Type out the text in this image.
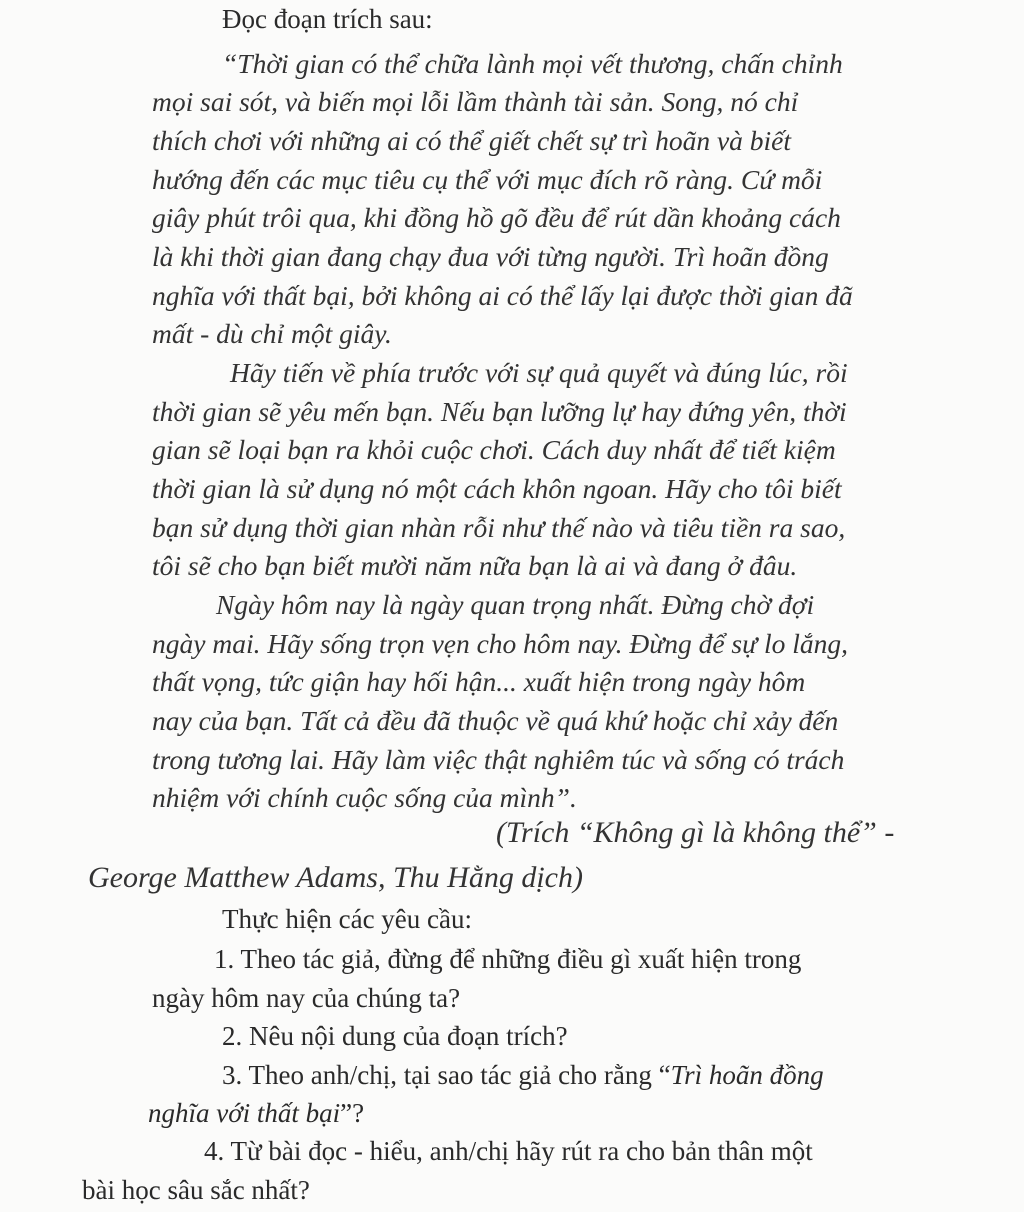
Đọc đoạn trích sau:
“Thời gian có thể chữa lành mọi vết thương, chấn chỉnh
mọi sai sót, và biến mọi lỗi lầm thành tài sản. Song, nó chỉ
thích chơi với những ai có thể giết chết sự trì hoãn và biết
hướng đến các mục tiêu cụ thể với mục đích rõ ràng. Cứ mỗi
giây phút trôi qua, khi đồng hồ gõ đều để rút dần khoảng cách
là khi thời gian đang chạy đua với từng người. Trì hoãn đồng
nghĩa với thất bại, bởi không ai có thể lấy lại được thời gian đã
mất - dù chỉ một giây.
Hãy tiến về phía trước với sự quả quyết và đúng lúc, rồi
thời gian sẽ yêu mến bạn. Nếu bạn lưỡng lự hay đứng yên, thời
gian sẽ loại bạn ra khỏi cuộc chơi. Cách duy nhất để tiết kiệm
thời gian là sử dụng nó một cách khôn ngoan. Hãy cho tôi biết
bạn sử dụng thời gian nhàn rỗi như thế nào và tiêu tiền ra sao,
tôi sẽ cho bạn biết mười năm nữa bạn là ai và đang ở đâu.
Ngày hôm nay là ngày quan trọng nhất. Đừng chờ đợi
ngày mai. Hãy sống trọn vẹn cho hôm nay. Đừng để sự lo lắng,
thất vọng, tức giận hay hối hận... xuất hiện trong ngày hôm
nay của bạn. Tất cả đều đã thuộc về quá khứ hoặc chỉ xảy đến
trong tương lai. Hãy làm việc thật nghiêm túc và sống có trách
nhiệm với chính cuộc sống của mình”.
(Trích “Không gì là không thể” -
George Matthew Adams, Thu Hằng dịch)
Thực hiện các yêu cầu:
1. Theo tác giả, đừng để những điều gì xuất hiện trong
ngày hôm nay của chúng ta?
2. Nêu nội dung của đoạn trích?
3. Theo anh/chị, tại sao tác giả cho rằng “Trì hoãn đồng
nghĩa với thất bại”?
4. Từ bài đọc - hiểu, anh/chị hãy rút ra cho bản thân một
bài học sâu sắc nhất?
